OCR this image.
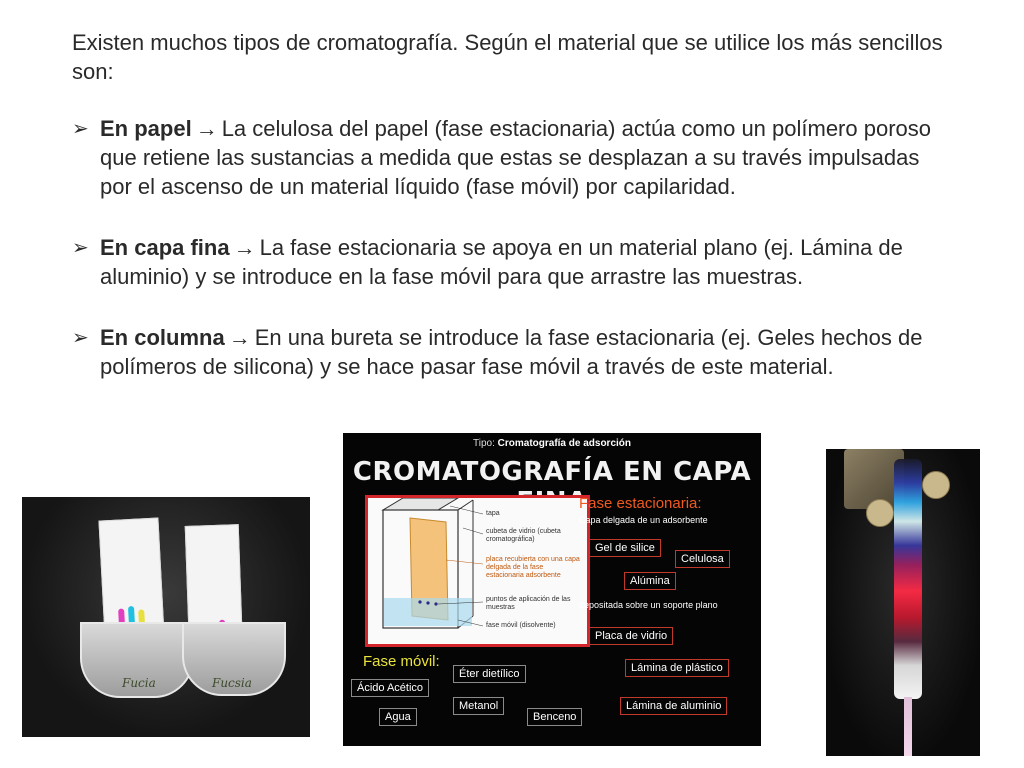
Existen muchos tipos de cromatografía. Según el material que se utilice los más sencillos son:

➢ En papel → La celulosa del papel (fase estacionaria) actúa como un polímero poroso que retiene las sustancias a medida que estas se desplazan a su través impulsadas por el ascenso de un material líquido (fase móvil) por capilaridad.
➢ En capa fina → La fase estacionaria se apoya en un material plano (ej. Lámina de aluminio) y se introduce en la fase móvil para que arrastre las muestras.
➢ En columna → En una bureta se introduce la fase estacionaria (ej. Geles hechos de polímeros de silicona) y se hace pasar fase móvil a través de este material.
Fucia	Fucsia
Tipo: Cromatografía de adsorción
CROMATOGRAFÍA EN CAPA
tapa
cubeta de vidrio (cubeta cromatográfica)
placa recubierta con una capa delgada de la fase estacionaria adsorbente
puntos de aplicación de las muestras
fase móvil (disolvente)
Fase estacionaria:
Capa delgada de un adsorbente
Gel de silice
Celulosa
Alúmina
depositada sobre un soporte plano
Placa de vidrio
Lámina de plástico
Lámina de aluminio
Fase móvil:
Éter dietílico
Ácido Acético
Metanol
Agua	Benceno
